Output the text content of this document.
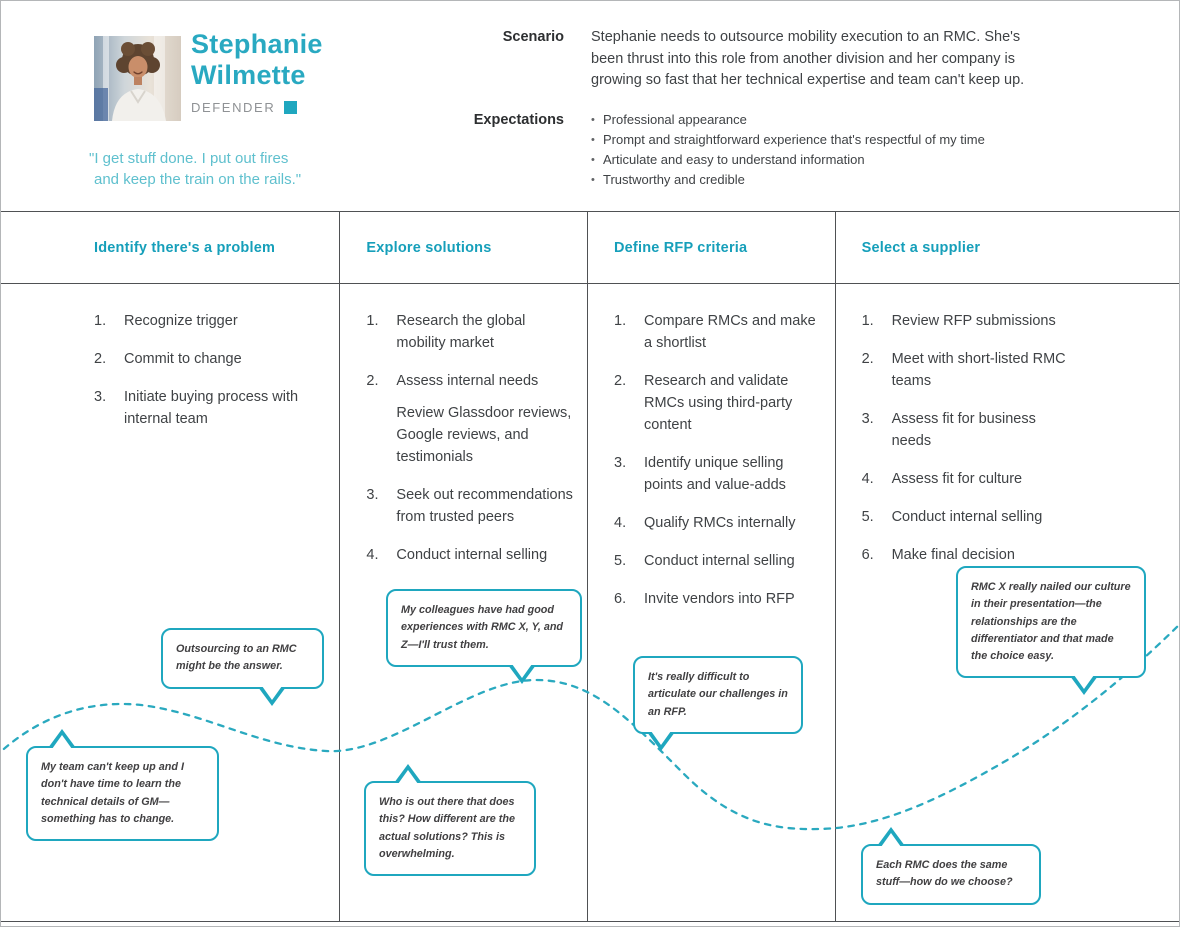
Stephanie
Wilmette
DEFENDER

"I get stuff done. I put out fires
and keep the train on the rails."

Scenario Stephanie needs to outsource mobility execution to an RMC. She's been thrust into this role from another division and her company is growing so fast that her technical expertise and team can't keep up.

Expectations • Professional appearance
• Prompt and straightforward experience that's respectful of my time
• Articulate and easy to understand information
• Trustworthy and credible
Identify there's a problem
1.	Recognize trigger
2.	Commit to change
3.	Initiate buying process with internal team
Explore solutions
1.	Research the global mobility market
2.	Assess internal needs
Review Glassdoor reviews, Google reviews, and testimonials
3.	Seek out recommendations from trusted peers
4.	Conduct internal selling
Define RFP criteria
1.	Compare RMCs and make a shortlist
2.	Research and validate RMCs using third-party content
3.	Identify unique selling points and value-adds
4.	Qualify RMCs internally
5.	Conduct internal selling
6.	Invite vendors into RFP
Select a supplier
1.	Review RFP submissions
2.	Meet with short-listed RMC teams
3.	Assess fit for business needs
4.	Assess fit for culture
5.	Conduct internal selling
6.	Make final decision

Outsourcing to an RMC might be the answer.

My team can't keep up and I don't have time to learn the technical details of GM—something has to change.

My colleagues have had good experiences with RMC X, Y, and Z—I'll trust them.

Who is out there that does this? How different are the actual solutions? This is overwhelming.

It's really difficult to articulate our challenges in an RFP.

RMC X really nailed our culture in their presentation—the relationships are the differentiator and that made the choice easy.

Each RMC does the same stuff—how do we choose?
